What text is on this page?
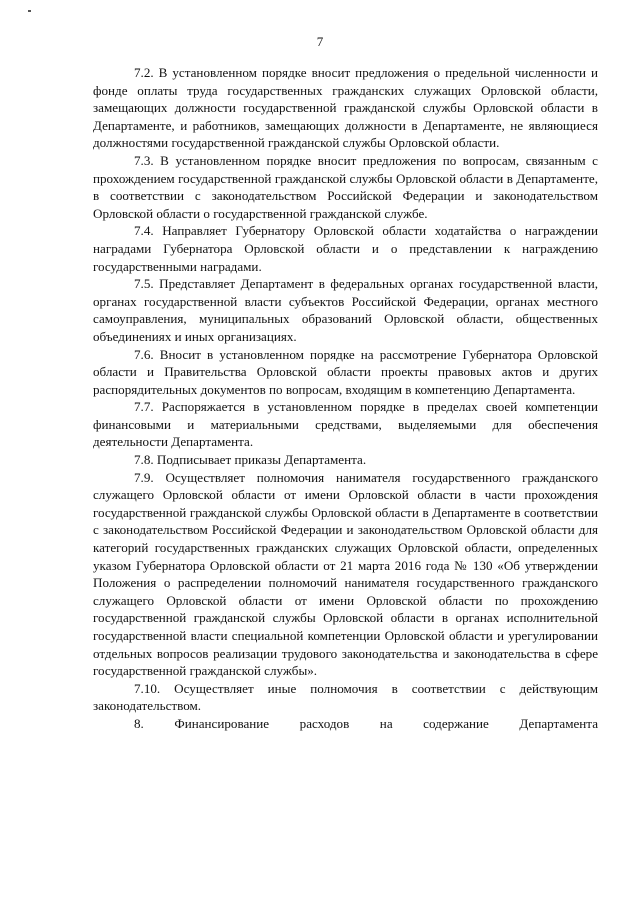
7

7.2. В установленном порядке вносит предложения о предельной численности и фонде оплаты труда государственных гражданских служащих Орловской области, замещающих должности государственной гражданской службы Орловской области в Департаменте, и работников, замещающих должности в Департаменте, не являющиеся должностями государственной гражданской службы Орловской области.

7.3. В установленном порядке вносит предложения по вопросам, связанным с прохождением государственной гражданской службы Орловской области в Департаменте, в соответствии с законодательством Российской Федерации и законодательством Орловской области о государственной гражданской службе.

7.4. Направляет Губернатору Орловской области ходатайства о награждении наградами Губернатора Орловской области и о представлении к награждению государственными наградами.

7.5. Представляет Департамент в федеральных органах государственной власти, органах государственной власти субъектов Российской Федерации, органах местного самоуправления, муниципальных образований Орловской области, общественных объединениях и иных организациях.

7.6. Вносит в установленном порядке на рассмотрение Губернатора Орловской области и Правительства Орловской области проекты правовых актов и других распорядительных документов по вопросам, входящим в компетенцию Департамента.

7.7. Распоряжается в установленном порядке в пределах своей компетенции финансовыми и материальными средствами, выделяемыми для обеспечения деятельности Департамента.

7.8. Подписывает приказы Департамента.

7.9. Осуществляет полномочия нанимателя государственного гражданского служащего Орловской области от имени Орловской области в части прохождения государственной гражданской службы Орловской области в Департаменте в соответствии с законодательством Российской Федерации и законодательством Орловской области для категорий государственных гражданских служащих Орловской области, определенных указом Губернатора Орловской области от 21 марта 2016 года № 130 «Об утверждении Положения о распределении полномочий нанимателя государственного гражданского служащего Орловской области от имени Орловской области по прохождению государственной гражданской службы Орловской области в органах исполнительной государственной власти специальной компетенции Орловской области и урегулировании отдельных вопросов реализации трудового законодательства и законодательства в сфере государственной гражданской службы».

7.10. Осуществляет иные полномочия в соответствии с действующим законодательством.

8. Финансирование расходов на содержание Департамента
